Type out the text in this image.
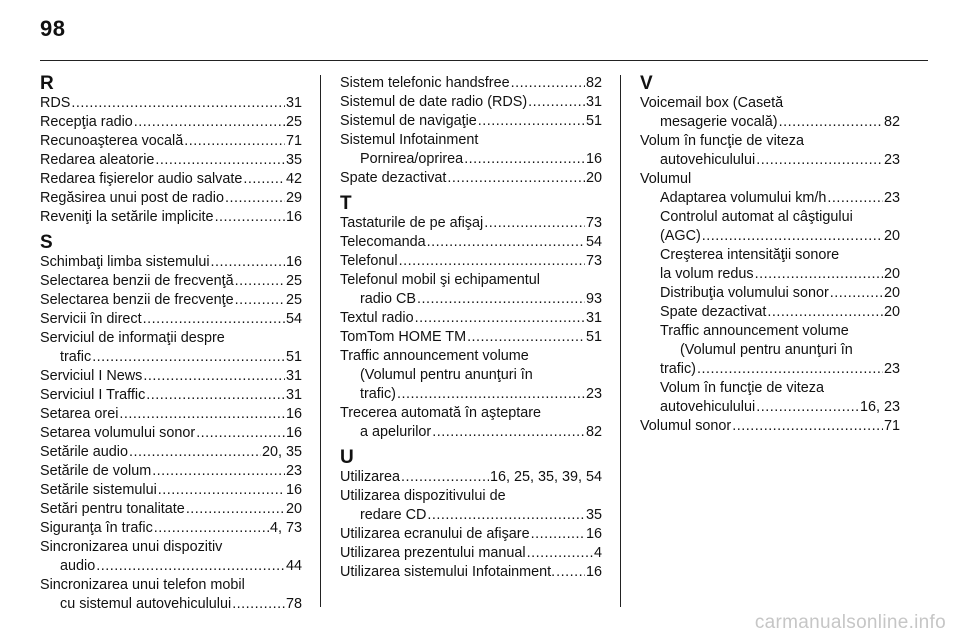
98
R
RDS .....	31
Recepţia radio .....	25
Recunoaşterea vocală .....	71
Redarea aleatorie .....	35
Redarea fişierelor audio salvate .....	42
Regăsirea unui post de radio .....	29
Reveniţi la setările implicite .....	16
S
Schimbaţi limba sistemului .....	16
Selectarea benzii de frecvenţă .....	25
Selectarea benzii de frecvenţe .....	25
Servicii în direct .....	54
Serviciul de informaţii despre
trafic .....	51
Serviciul I News .....	31
Serviciul I Traffic .....	31
Setarea orei .....	16
Setarea volumului sonor .....	16
Setările audio .....	20, 35
Setările de volum .....	23
Setările sistemului .....	16
Setări pentru tonalitate .....	20
Siguranţa în trafic .....	4, 73
Sincronizarea unui dispozitiv
audio .....	44
Sincronizarea unui telefon mobil
cu sistemul autovehiculului .....	78
Sistem telefonic handsfree .....	82
Sistemul de date radio (RDS) .....	31
Sistemul de navigaţie .....	51
Sistemul Infotainment
Pornirea/oprirea .....	16
Spate dezactivat .....	20
T
Tastaturile de pe afişaj .....	73
Telecomanda .....	54
Telefonul .....	73
Telefonul mobil şi echipamentul
radio CB .....	93
Textul radio .....	31
TomTom HOME TM .....	51
Traffic announcement volume
(Volumul pentru anunţuri în
trafic) .....	23
Trecerea automată în aşteptare
a apelurilor .....	82
U
Utilizarea .....	16, 25, 35, 39, 54
Utilizarea dispozitivului de
redare CD .....	35
Utilizarea ecranului de afişare .....	16
Utilizarea prezentului manual .....	4
Utilizarea sistemului Infotainment. ..... 16
V
Voicemail box (Casetă
mesagerie vocală) .....	82
Volum în funcţie de viteza
autovehiculului .....	23
Volumul
Adaptarea volumului km/h .....	23
Controlul automat al câştigului
(AGC) .....	20
Creşterea intensităţii sonore
la volum redus .....	20
Distribuţia volumului sonor .....	20
Spate dezactivat .....	20
Traffic announcement volume
(Volumul pentru anunţuri în
trafic) .....	23
Volum în funcţie de viteza
autovehiculului .....	16, 23
Volumul sonor .....	71
carmanualsonline.info
